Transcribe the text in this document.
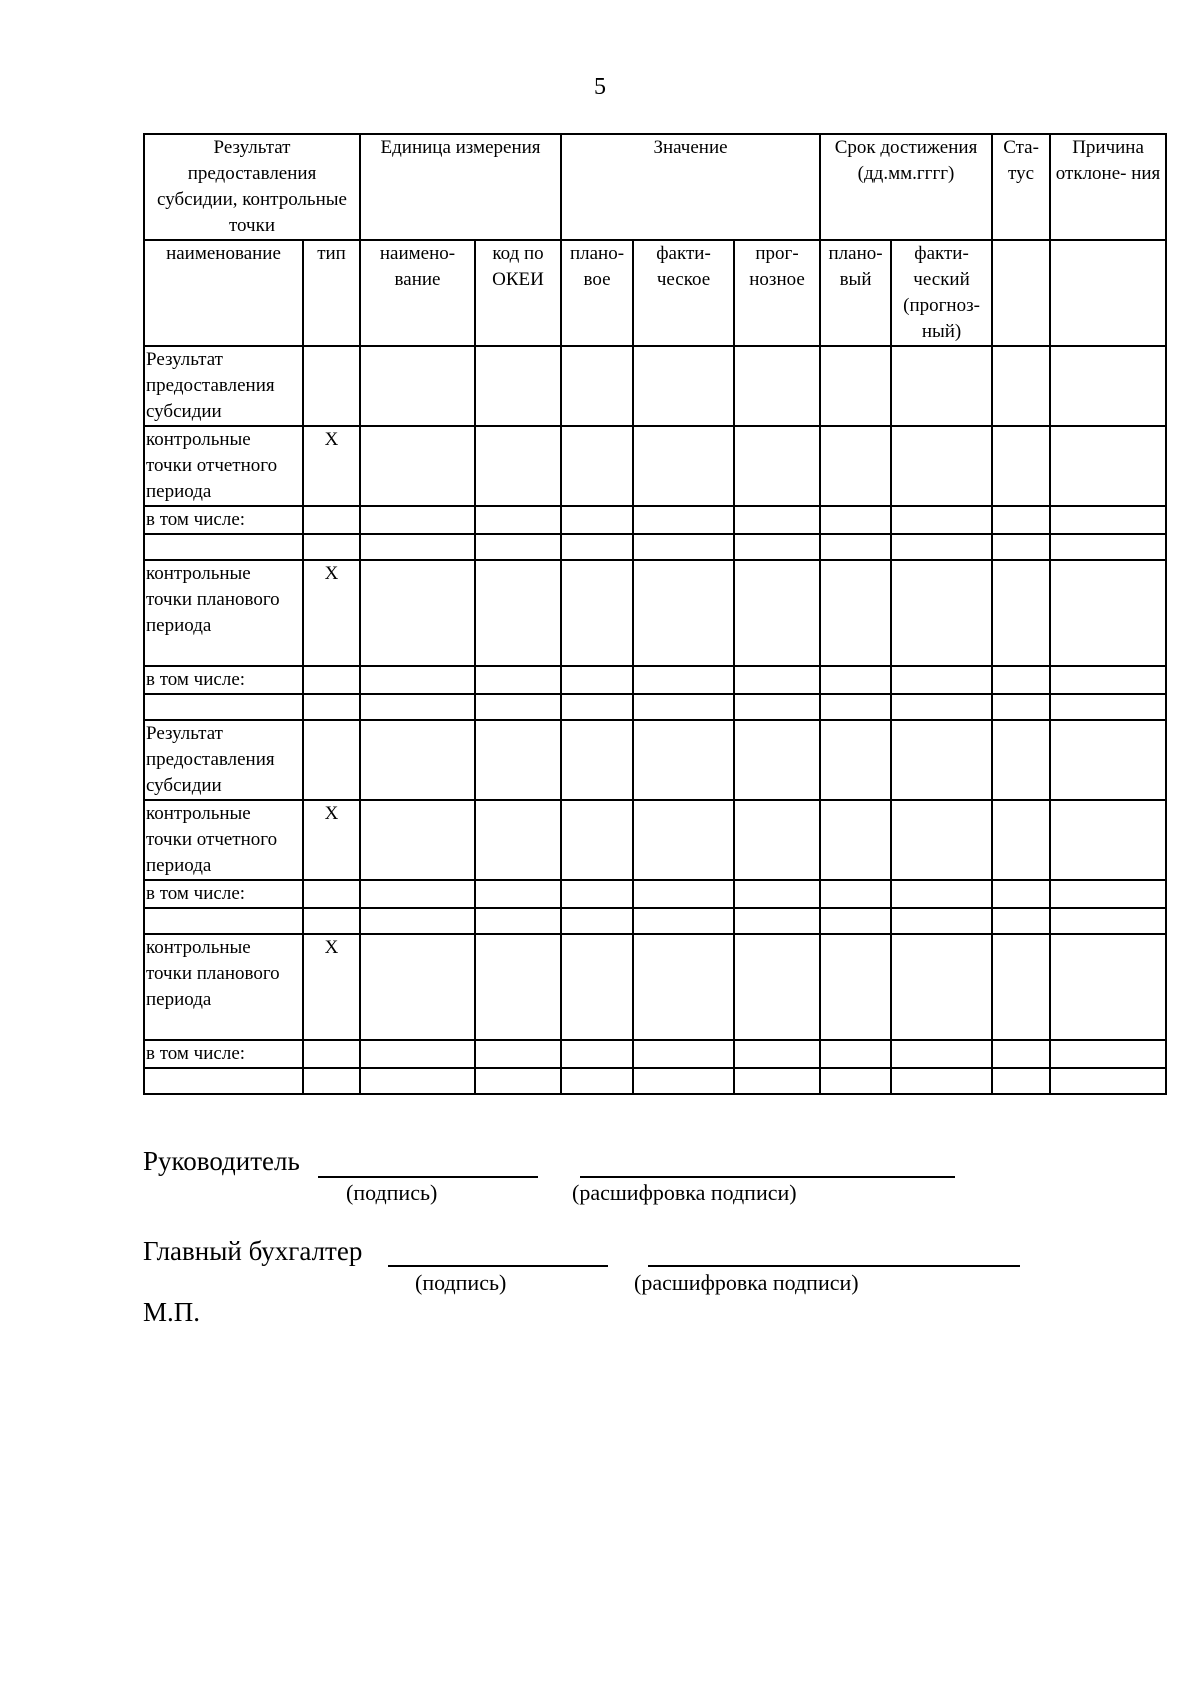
5
Результат предоставления субсидии, контрольные точки		Единица измерения		Значение			Срок достижения (дд.мм.гггг)		Ста- тус	Причина отклоне- ния
наименование	тип	наимено- вание	код по ОКЕИ	плано- вое	факти- ческое	прог- нозное	плано- вый	факти- ческий (прогноз- ный)		
Результат предоставления субсидии										
контрольные точки отчетного периода	X									
в том числе:										

контрольные точки планового периода	X									
в том числе:										

Результат предоставления субсидии										
контрольные точки отчетного периода	X									
в том числе:										

контрольные точки планового периода	X									
в том числе:										

Руководитель
(подпись)	(расшифровка подписи)
Главный бухгалтер
(подпись)	(расшифровка подписи)
М.П.
